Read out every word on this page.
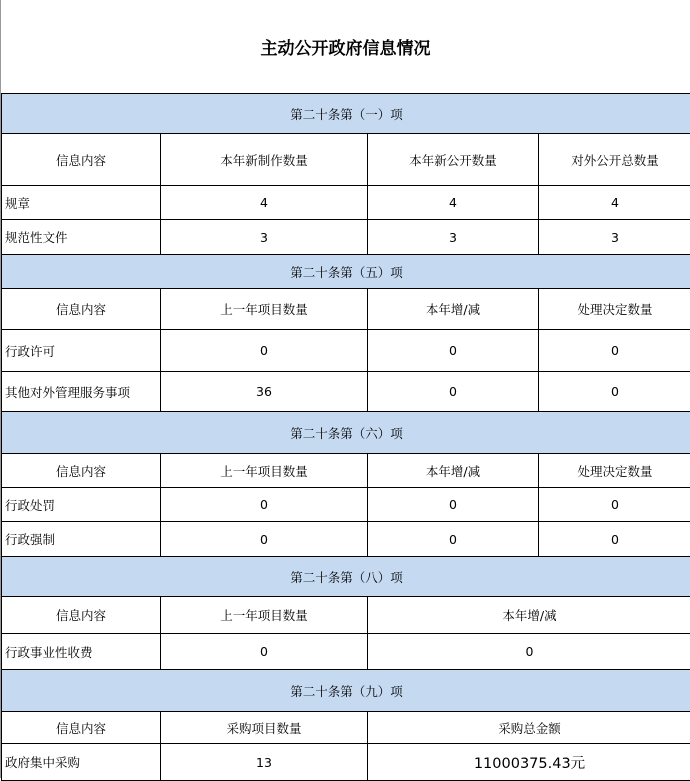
主动公开政府信息情况
第二十条第（一）项			
信息内容	本年新制作数量	本年新公开数量	对外公开总数量
规章	4	4	4
规范性文件	3	3	3
第二十条第（五）项			
信息内容	上一年项目数量	本年增/减	处理决定数量
行政许可	0	0	0
其他对外管理服务事项	36	0	0
第二十条第（六）项			
信息内容	上一年项目数量	本年增/减	处理决定数量
行政处罚	0	0	0
行政强制	0	0	0
第二十条第（八）项			
信息内容	上一年项目数量	本年增/减	
行政事业性收费	0	0	
第二十条第（九）项			
信息内容	采购项目数量	采购总金额	
政府集中采购	13	11000375.43元	
